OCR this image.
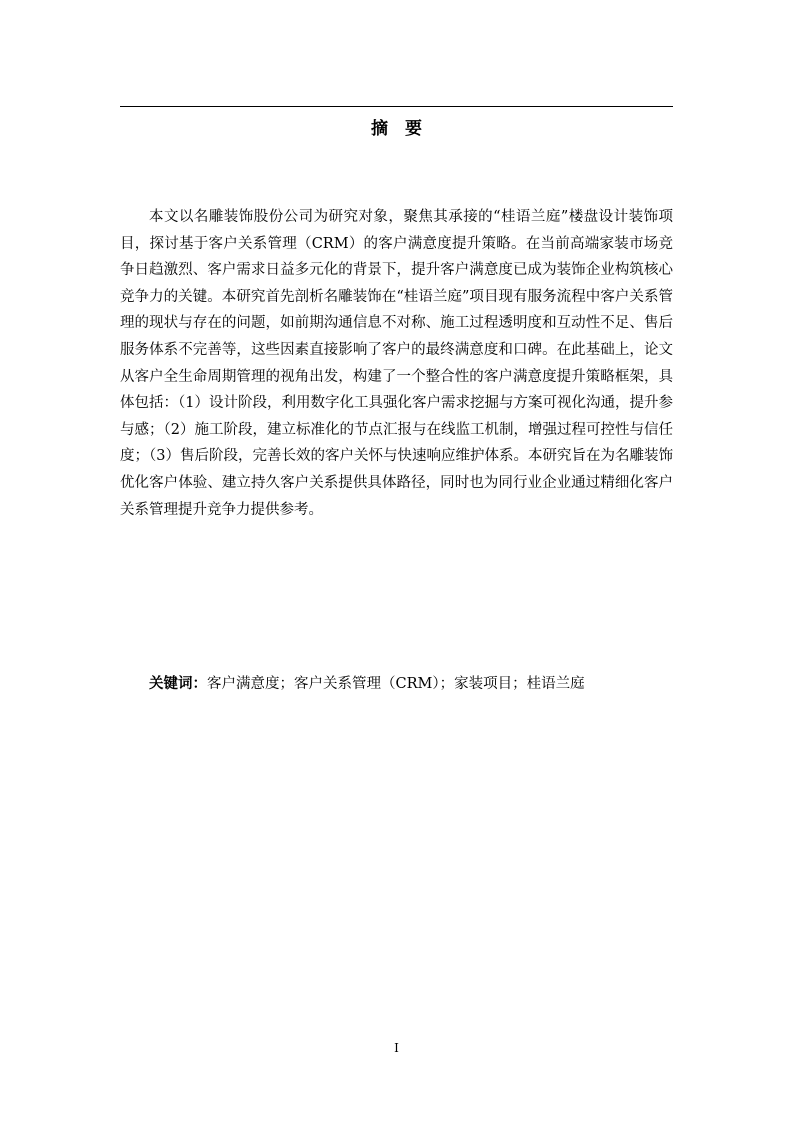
摘要

本文以名雕装饰股份公司为研究对象，聚焦其承接的“桂语兰庭”楼盘设计装饰项目，探讨基于客户关系管理（CRM）的客户满意度提升策略。在当前高端家装市场竞争日趋激烈、客户需求日益多元化的背景下，提升客户满意度已成为装饰企业构筑核心竞争力的关键。本研究首先剖析名雕装饰在“桂语兰庭”项目现有服务流程中客户关系管理的现状与存在的问题，如前期沟通信息不对称、施工过程透明度和互动性不足、售后服务体系不完善等，这些因素直接影响了客户的最终满意度和口碑。在此基础上，论文从客户全生命周期管理的视角出发，构建了一个整合性的客户满意度提升策略框架，具体包括：（1）设计阶段，利用数字化工具强化客户需求挖掘与方案可视化沟通，提升参与感；（2）施工阶段，建立标准化的节点汇报与在线监工机制，增强过程可控性与信任度；（3）售后阶段，完善长效的客户关怀与快速响应维护体系。本研究旨在为名雕装饰优化客户体验、建立持久客户关系提供具体路径，同时也为同行业企业通过精细化客户关系管理提升竞争力提供参考。

关键词：客户满意度；客户关系管理（CRM）；家装项目；桂语兰庭
I
